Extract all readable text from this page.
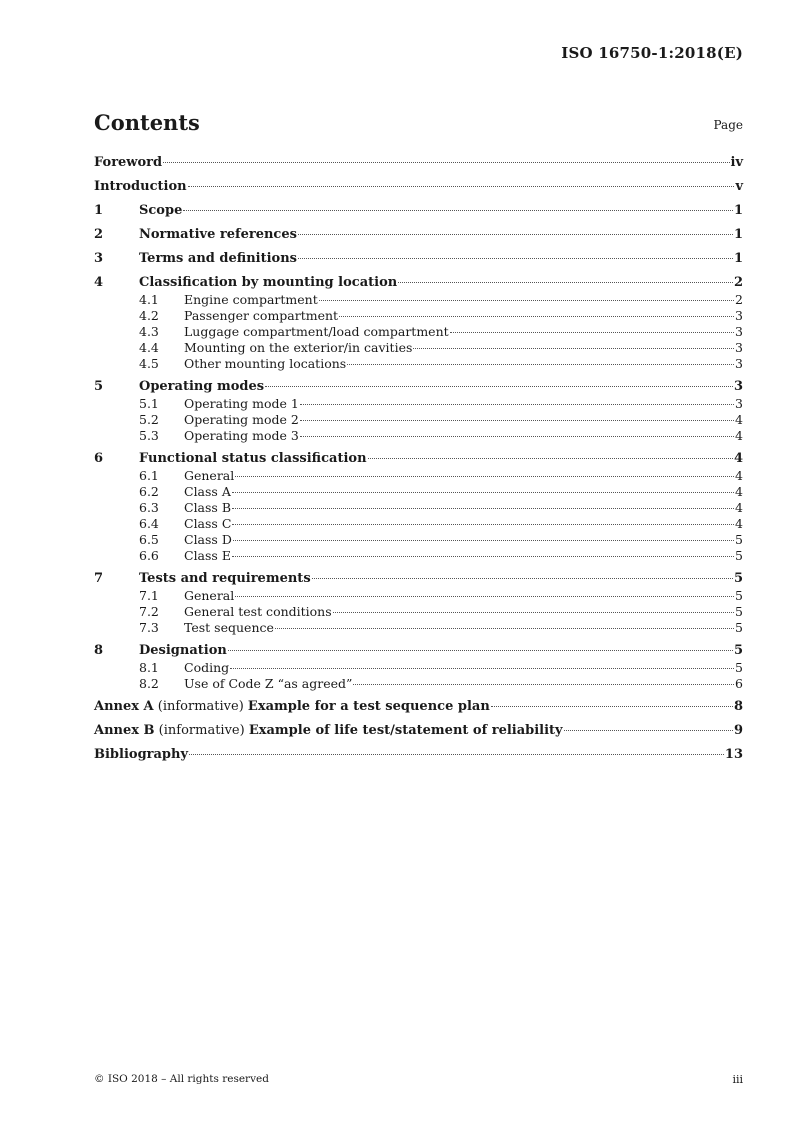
ISO 16750-1:2018(E)
Contents	Page
Foreword	iv
Introduction	v
1	Scope	1
2	Normative references	1
3	Terms and definitions	1
4	Classification by mounting location	2
4.1	Engine compartment	2
4.2	Passenger compartment	3
4.3	Luggage compartment/load compartment	3
4.4	Mounting on the exterior/in cavities	3
4.5	Other mounting locations	3
5	Operating modes	3
5.1	Operating mode 1	3
5.2	Operating mode 2	4
5.3	Operating mode 3	4
6	Functional status classification	4
6.1	General	4
6.2	Class A	4
6.3	Class B	4
6.4	Class C	4
6.5	Class D	5
6.6	Class E	5
7	Tests and requirements	5
7.1	General	5
7.2	General test conditions	5
7.3	Test sequence	5
8	Designation	5
8.1	Coding	5
8.2	Use of Code Z “as agreed”	6
Annex A (informative) Example for a test sequence plan	8
Annex B (informative) Example of life test/statement of reliability	9
Bibliography	13
© ISO 2018 – All rights reserved	iii
